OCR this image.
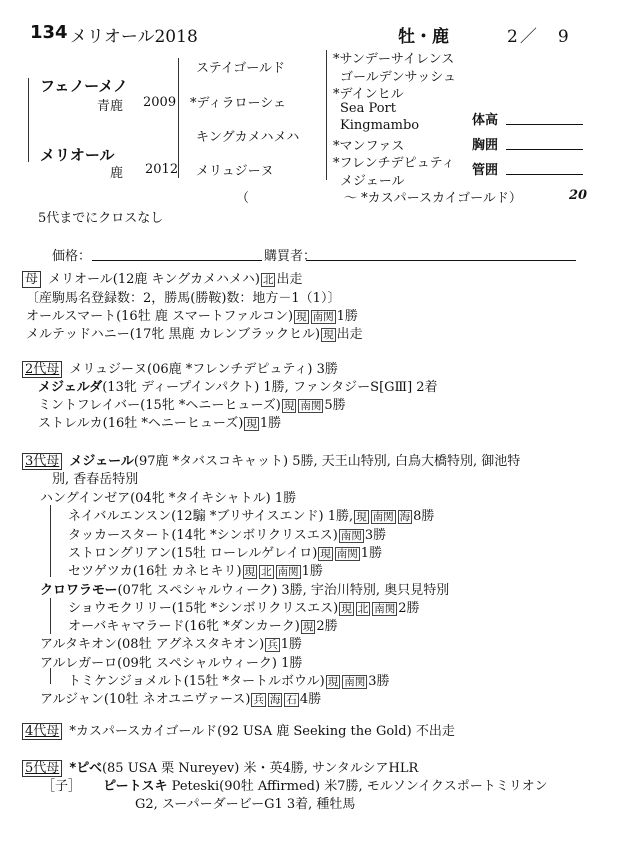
134 メリオール2018	牡・鹿	2／　9
フェノーメノ
青鹿 2009
メリオール
鹿 2012
ステイゴールド
*ディラローシェ
キングカメハメハ
メリュジーヌ
*サンデーサイレンス
ゴールデンサッシュ
*デインヒル
Sea Port
Kingmambo
*マンファス
*フレンチデピュティ
メジェール
（	～ *カスパースカイゴールド）	20
5代までにクロスなし
体高
胸囲
管囲
価格：	購買者：
母 メリオール(12鹿 キングカメハメハ) 北 出走
〔産駒馬名登録数：2，勝馬(勝鞍)数：地方－1（1）〕
オールスマート(16牡 鹿 スマートファルコン) 現 南関 1勝
メルテッドハニー(17牝 黒鹿 カレンブラックヒル) 現 出走
2代母 メリュジーヌ(06鹿 *フレンチデピュティ) 3勝
メジェルダ(13牝 ディープインパクト) 1勝, ファンタジーS[GⅢ] 2着
ミントフレイバー(15牝 *ヘニーヒューズ) 現 南関 5勝
ストレルカ(16牡 *ヘニーヒューズ) 現 1勝
3代母 メジェール(97鹿 *タバスコキャット) 5勝, 天王山特別, 白鳥大橋特別, 御池特
別, 香春岳特別
ハングインゼア(04牝 *タイキシャトル) 1勝
ネイバルエンスン(12騸 *ブリサイスエンド) 1勝, 現 南関 海 8勝
タッカースタート(14牝 *シンボリクリスエス) 南関 3勝
ストロングリアン(15牡 ローレルゲレイロ) 現 南関 1勝
セツゲツカ(16牡 カネヒキリ) 現 北 南関 1勝
クロワラモー(07牝 スペシャルウィーク) 3勝, 宇治川特別, 奥只見特別
ショウモクリリー(15牝 *シンボリクリスエス) 現 北 南関 2勝
オーバキャマラード(16牝 *ダンカーク) 現 2勝
アルタキオン(08牡 アグネスタキオン) 兵 1勝
アルレガーロ(09牝 スペシャルウィーク) 1勝
トミケンジョメルト(15牡 *タートルボウル) 現 南関 3勝
アルジャン(10牡 ネオユニヴァース) 兵 海 石 4勝
4代母 *カスパースカイゴールド(92 USA 鹿 Seeking the Gold) 不出走
5代母 *ピベ(85 USA 栗 Nureyev) 米・英4勝, サンタルシアHLR
［子］ ピートスキ Peteski(90牡 Affirmed) 米7勝, モルソンイクスポートミリオン
G2, スーパーダービーG1 3着, 種牡馬
